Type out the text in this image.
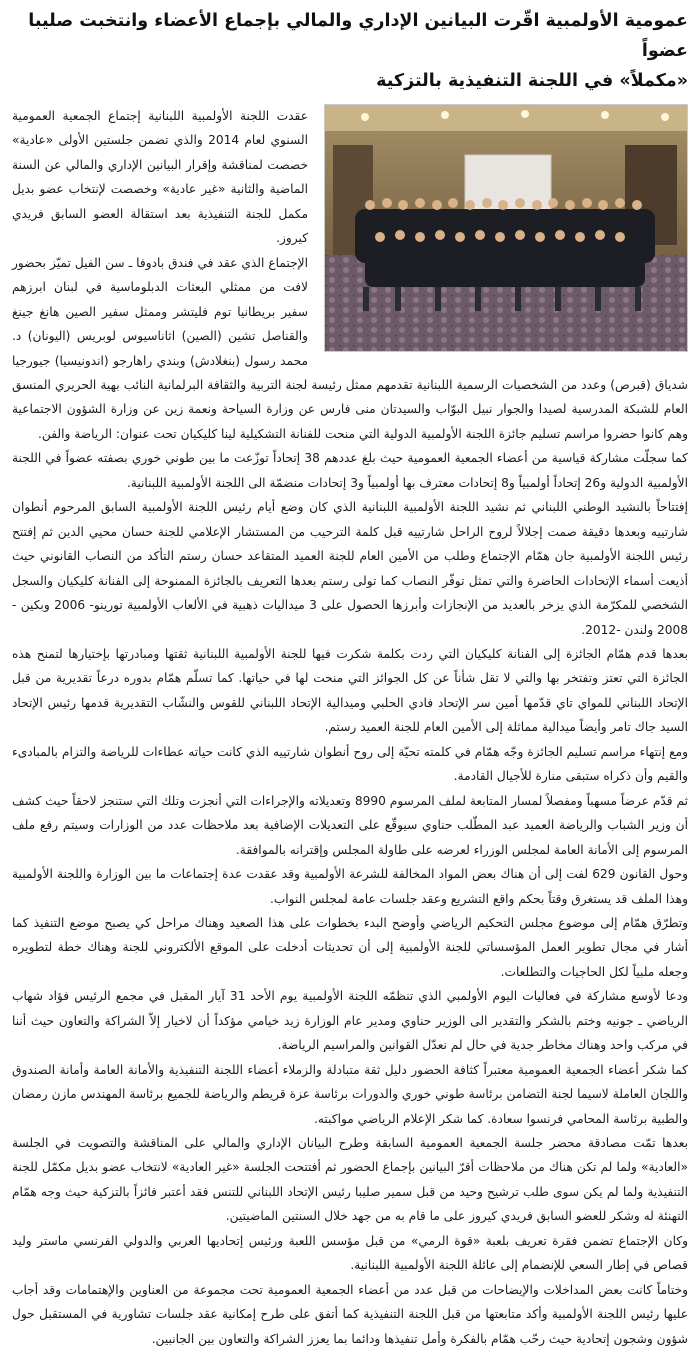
عمومية الأولمبية اقّرت البيانين الإداري والمالي بإجماع الأعضاء وانتخبت صليبا عضواً
«مكملاً» في اللجنة التنفيذية بالتزكية

عقدت اللجنة الأولمبية اللبنانية إجتماع الجمعية العمومية السنوي لعام 2014 والذي تضمن جلستين الأولى «عادية» خصصت لمناقشة وإقرار البيانين الإداري والمالي عن السنة الماضية والثانية «غير عادية» وخصصت لإنتخاب عضو بديل مكمل للجنة التنفيذية بعد استقالة العضو السابق فريدي كيروز.

الإجتماع الذي عقد في فندق بادوفا ـ سن الفيل تميّز بحضور لافت من ممثلي البعثات الدبلوماسية في لبنان ابرزهم سفير بريطانيا توم فليتشر وممثل سفير الصين هانغ جينغ والقناصل تشين (الصين) اثاناسيوس لوبريس (اليونان) د. محمد رسول (بنغلادش) وبندي راهارجو (اندونيسيا) جيورجيا شدياق (قبرص) وعدد من الشخصيات الرسمية اللبنانية تقدمهم ممثل رئيسة لجنة التربية والثقافة البرلمانية النائب بهية الحريري المنسق العام للشبكة المدرسية لصيدا والجوار نبيل البوّاب والسيدتان منى فارس عن وزارة السياحة ونعمة زين عن وزارة الشؤون الاجتماعية وهم كانوا حضروا مراسم تسليم جائزة اللجنة الأولمبية الدولية التي منحت للفنانة التشكيلية لينا كليكيان تحت عنوان: الرياضة والفن.

كما سجلّت مشاركة قياسية من أعضاء الجمعية العمومية حيث بلغ عددهم 38 إتحاداً توزّعت ما بين طوني خوري بصفته عضواً في اللجنة الأولمبية الدولية و26 إتحاداً أولمبياً و8 إتحادات معترف بها أولمبياً و3 إتحادات منضمّة الى اللجنة الأولمبية اللبنانية.

إفتتاحاً بالنشيد الوطني اللبناني ثم نشيد اللجنة الأولمبية اللبنانية الذي كان وضع أيام رئيس اللجنة الأولمبية السابق المرحوم أنطوان شارتييه وبعدها دقيقة صمت إجلالاً لروح الراحل شارتييه قبل كلمة الترحيب من المستشار الإعلامي للجنة حسان محيي الدين ثم إفتتح رئيس اللجنة الأولمبية جان همّام الإجتماع وطلب من الأمين العام للجنة العميد المتقاعد حسان رستم التأكد من النصاب القانوني حيث أذيعت أسماء الإتحادات الحاضرة والتي تمثل توفّر النصاب كما تولى رستم بعدها التعريف بالجائزة الممنوحة إلى الفنانة كليكيان والسجل الشخصي للمكرّمة الذي يزخر بالعديد من الإنجازات وأبرزها الحصول على 3 ميداليات ذهبية في الألعاب الأولمبية تورينو- 2006 وبكين - 2008 ولندن -2012.

بعدها قدم همّام الجائزة إلى الفنانة كليكيان التي ردت بكلمة شكرت فيها للجنة الأولمبية اللبنانية ثقتها ومبادرتها بإختيارها لتمنح هذه الجائزة التي تعتز وتفتخر بها والتي لا تقل شأناً عن كل الجوائز التي منحت لها في حياتها. كما تسلّم همّام بدوره درعاً تقديرية من قبل الإتحاد اللبناني للمواي تاي قدّمها أمين سر الإتحاد فادي الحلبي وميدالية الإتحاد اللبناني للقوس والنشّاب التقديرية قدمها رئيس الإتحاد السيد جاك تامر وأيضاً ميدالية مماثلة إلى الأمين العام للجنة العميد رستم.

ومع إنتهاء مراسم تسليم الجائزة وجّه همّام في كلمته تحيّة إلى روح أنطوان شارتييه الذي كانت حياته عطاءات للرياضة والتزام بالمبادىء والقيم وأن ذكراه ستبقى منارة للأجيال القادمة.

ثم قدّم عرضاً مسهباً ومفصلاً لمسار المتابعة لملف المرسوم 8990 وتعديلاته والإجراءات التي أنجزت وتلك التي ستنجز لاحقاً حيث كشف أن وزير الشباب والرياضة العميد عبد المطّلب حناوي سيوقّع على التعديلات الإضافية بعد ملاحظات عدد من الوزارات وسيتم رفع ملف المرسوم إلى الأمانة العامة لمجلس الوزراء لعرضه على طاولة المجلس وإقترانه بالموافقة.

وحول القانون 629 لفت إلى أن هناك بعض المواد المخالفة للشرعة الأولمبية وقد عقدت عدة إجتماعات ما بين الوزارة واللجنة الأولمبية وهذا الملف قد يستغرق وقتاً بحكم واقع التشريع وعقد جلسات عامة لمجلس النواب.

وتطرّق همّام إلى موضوع مجلس التحكيم الرياضي وأوضح البدء بخطوات على هذا الصعيد وهناك مراحل كي يصبح موضع التنفيذ كما أشار في مجال تطوير العمل المؤسساتي للجنة الأولمبية إلى أن تحديثات أدخلت على الموقع الألكتروني للجنة وهناك خطة لتطويره وجعله ملبياً لكل الحاجيات والتطلعات.

ودعا لأوسع مشاركة في فعاليات اليوم الأولمبي الذي تنظمّه اللجنة الأولمبية يوم الأحد 31 آيار المقبل في مجمع الرئيس فؤاد شهاب الرياضي ـ جونيه وختم بالشكر والتقدير الى الوزير حناوي ومدير عام الوزارة زيد خيامي مؤكداً أن لاخيار إلاّ الشراكة والتعاون حيث أننا في مركب واحد وهناك مخاطر جدية في حال لم نعدّل القوانين والمراسيم الرياضة.

كما شكر أعضاء الجمعية العمومية معتبراً كثافة الحضور دليل ثقة متبادلة والزملاء أعضاء اللجنة التنفيذية والأمانة العامة وأمانة الصندوق واللجان العاملة لاسيما لجنة التضامن برئاسة طوني خوري والدورات برئاسة عزة قريطم والرياضة للجميع برئاسة المهندس مازن رمضان والطبية برئاسة المحامي فرنسوا سعادة. كما شكر الإعلام الرياضي مواكبته.

بعدها تمّت مصادقة محضر جلسة الجمعية العمومية السابقة وطرح البيانان الإداري والمالي على المناقشة والتصويت في الجلسة «العادية» ولما لم تكن هناك من ملاحظات أقرّ البيانين بإجماع الحضور ثم أفتتحت الجلسة «غير العادية» لانتخاب عضو بديل مكمّل للجنة التنفيذية ولما لم يكن سوى طلب ترشيح وحيد من قبل سمير صليبا رئيس الإتحاد اللبناني للتنس فقد أعتبر فائزاً بالتزكية حيث وجه همّام التهنئة له وشكر للعضو السابق فريدي كيروز على ما قام به من جهد خلال السنتين الماضيتين.

وكان الإجتماع تضمن فقرة تعريف بلعبة «قوة الرمي» من قبل مؤسس اللعبة ورئيس إتحاديها العربي والدولي الفرنسي ماستر وليد قصاص في إطار السعي للإنضمام إلى عائلة اللجنة الأولمبية اللبنانية.

وختاماً كانت بعض المداخلات والإيضاحات من قبل عدد من أعضاء الجمعية العمومية تحت مجموعة من العناوين والإهتمامات وقد أجاب عليها رئيس اللجنة الأولمبية وأكد متابعتها من قبل اللجنة التنفيذية كما أتفق على طرح إمكانية عقد جلسات تشاورية في المستقبل حول شؤون وشجون إتحادية حيث رحّب همّام بالفكرة وأمل تنفيذها ودائما بما يعزز الشراكة والتعاون بين الجانبين.
